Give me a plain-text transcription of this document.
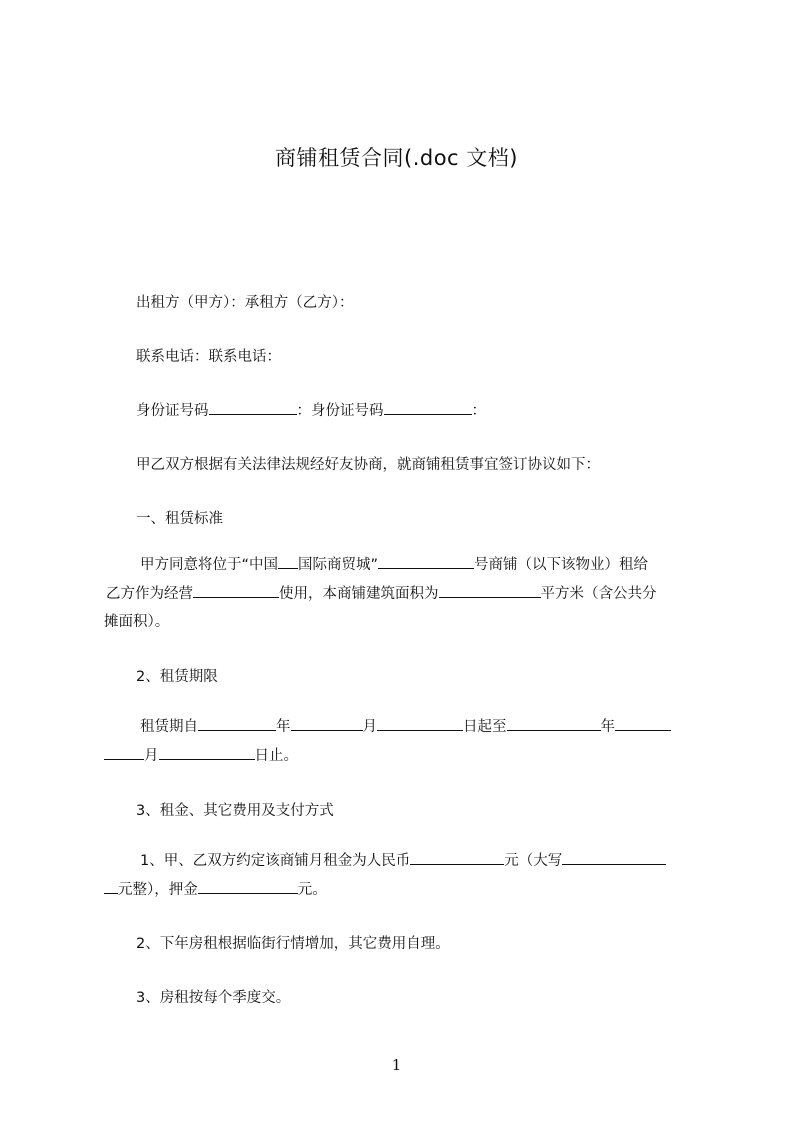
商铺租赁合同(.doc 文档)
出租方（甲方）：承租方（乙方）：
联系电话：联系电话：
身份证号码	：身份证号码	：
甲乙双方根据有关法律法规经好友协商，就商铺租赁事宜签订协议如下：
一、租赁标准
甲方同意将位于“中国 国际商贸城”	号商铺（以下该物业）租给
乙方作为经营	使用，本商铺建筑面积为	平方米（含公共分
摊面积）。
2、租赁期限
租赁期自	年	月	日起至	年
月	日止。
3、租金、其它费用及支付方式
1、甲、乙双方约定该商铺月租金为人民币	元（大写
元整），押金	元。
2、下年房租根据临街行情增加，其它费用自理。
3、房租按每个季度交。
1
